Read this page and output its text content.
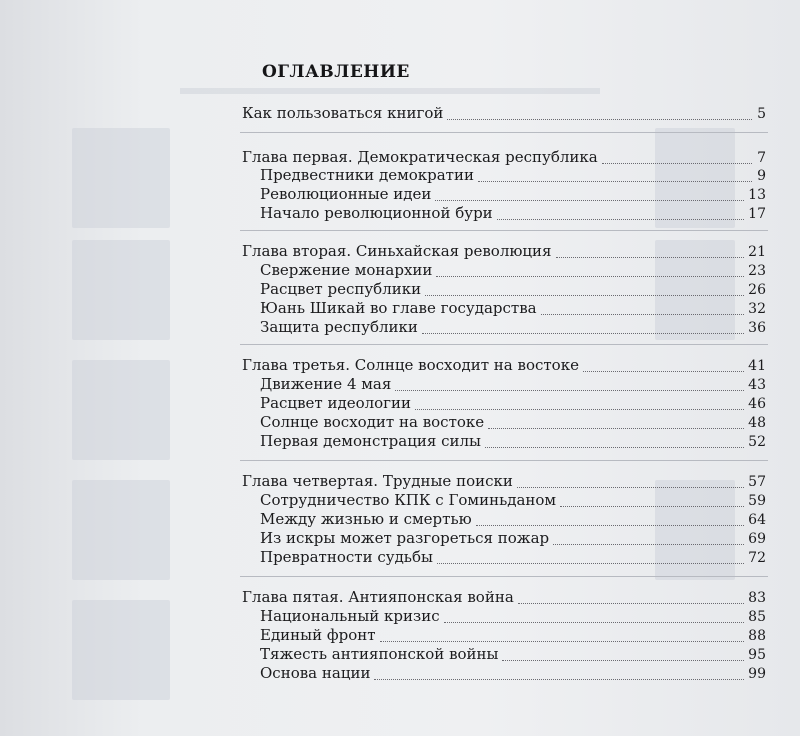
ОГЛАВЛЕНИЕ
Как пользоваться книгой	5
Глава первая. Демократическая республика	7
Предвестники демократии	9
Революционные идеи	13
Начало революционной бури	17
Глава вторая. Синьхайская революция	21
Свержение монархии	23
Расцвет республики	26
Юань Шикай во главе государства	32
Защита республики	36
Глава третья. Солнце восходит на востоке	41
Движение 4 мая	43
Расцвет идеологии	46
Солнце восходит на востоке	48
Первая демонстрация силы	52
Глава четвертая. Трудные поиски	57
Сотрудничество КПК с Гоминьданом	59
Между жизнью и смертью	64
Из искры может разгореться пожар	69
Превратности судьбы	72
Глава пятая. Антияпонская война	83
Национальный кризис	85
Единый фронт	88
Тяжесть антияпонской войны	95
Основа нации	99
